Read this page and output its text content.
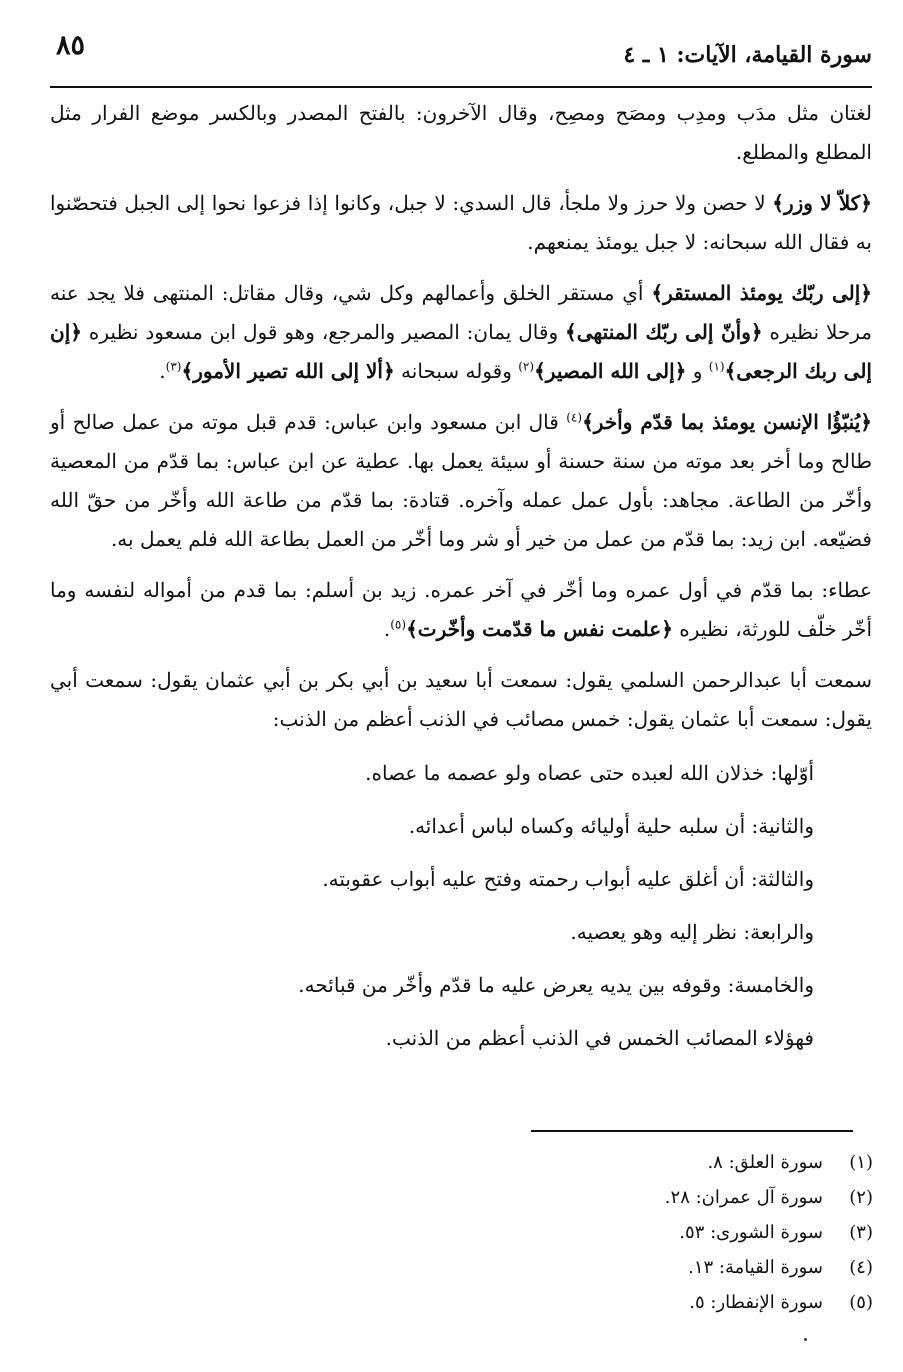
٨٥	سورة القيامة، الآيات: ١ ـ ٤

لغتان مثل مدَب ومدِب ومصَح ومصِح، وقال الآخرون: بالفتح المصدر وبالكسر موضع الفرار مثل المطلع والمطلع.

﴿كلاّ لا وزر﴾ لا حصن ولا حرز ولا ملجأ، قال السدي: لا جبل، وكانوا إذا فزعوا نحوا إلى الجبل فتحصّنوا به فقال الله سبحانه: لا جبل يومئذ يمنعهم.

﴿إلى ربّك يومئذ المستقر﴾ أي مستقر الخلق وأعمالهم وكل شي، وقال مقاتل: المنتهى فلا يجد عنه مرحلا نظيره ﴿وأنّ إلى ربّك المنتهى﴾ وقال يمان: المصير والمرجع، وهو قول ابن مسعود نظيره ﴿إن إلى ربك الرجعى﴾$^{(١)}$ و ﴿إلى الله المصير﴾$^{(٢)}$ وقوله سبحانه ﴿ألا إلى الله تصير الأمور﴾$^{(٣)}$.

﴿يُنبّؤُا الإنسن يومئذ بما قدّم وأخر﴾$^{(٤)}$ قال ابن مسعود وابن عباس: قدم قبل موته من عمل صالح أو طالح وما أخر بعد موته من سنة حسنة أو سيئة يعمل بها. عطية عن ابن عباس: بما قدّم من المعصية وأخّر من الطاعة. مجاهد: بأول عمل عمله وآخره. قتادة: بما قدّم من طاعة الله وأخّر من حقّ الله فضيّعه. ابن زيد: بما قدّم من عمل من خير أو شر وما أخّر من العمل بطاعة الله فلم يعمل به.

عطاء: بما قدّم في أول عمره وما أخّر في آخر عمره. زيد بن أسلم: بما قدم من أمواله لنفسه وما أخّر خلّف للورثة، نظيره ﴿علمت نفس ما قدّمت وأخّرت﴾$^{(٥)}$.

سمعت أبا عبدالرحمن السلمي يقول: سمعت أبا سعيد بن أبي بكر بن أبي عثمان يقول: سمعت أبي يقول: سمعت أبا عثمان يقول: خمس مصائب في الذنب أعظم من الذنب:

أوّلها: خذلان الله لعبده حتى عصاه ولو عصمه ما عصاه.
والثانية: أن سلبه حلية أوليائه وكساه لباس أعدائه.
والثالثة: أن أغلق عليه أبواب رحمته وفتح عليه أبواب عقوبته.
والرابعة: نظر إليه وهو يعصيه.
والخامسة: وقوفه بين يديه يعرض عليه ما قدّم وأخّر من قبائحه.
فهؤلاء المصائب الخمس في الذنب أعظم من الذنب.
(١)سورة العلق: ٨.
(٢)سورة آل عمران: ٢٨.
(٣)سورة الشورى: ٥٣.
(٤)سورة القيامة: ١٣.
(٥)سورة الإنفطار: ٥.
